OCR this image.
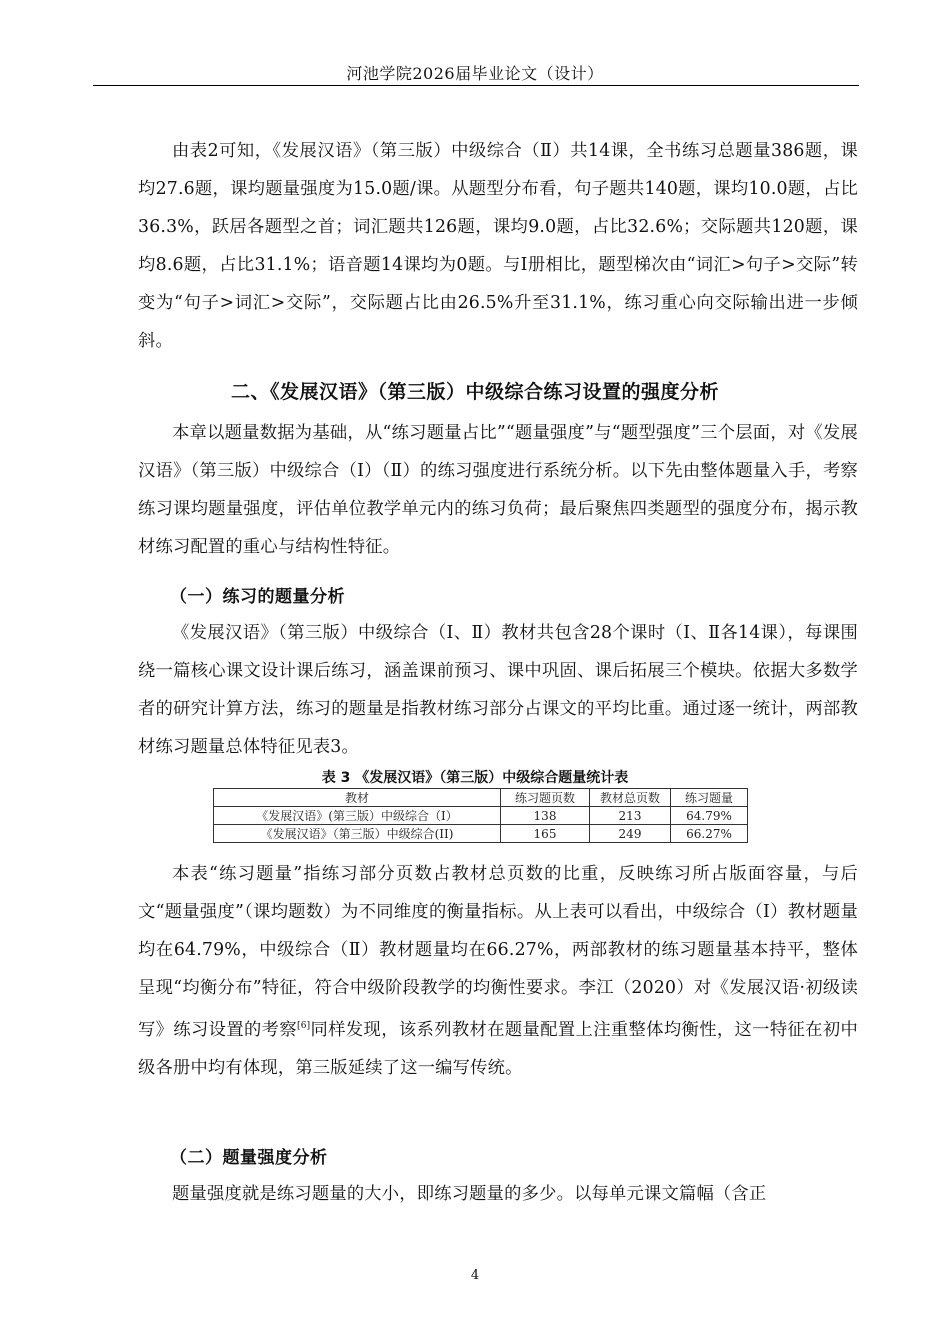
河池学院2026届毕业论文（设计）

由表2可知，《发展汉语》（第三版）中级综合（Ⅱ）共14课，全书练习总题量386题，课均27.6题，课均题量强度为15.0题/课。从题型分布看，句子题共140题，课均10.0题，占比36.3%，跃居各题型之首；词汇题共126题，课均9.0题，占比32.6%；交际题共120题，课均8.6题，占比31.1%；语音题14课均为0题。与Ⅰ册相比，题型梯次由“词汇>句子>交际”转变为“句子>词汇>交际”，交际题占比由26.5%升至31.1%，练习重心向交际输出进一步倾斜。

二、《发展汉语》（第三版）中级综合练习设置的强度分析

本章以题量数据为基础，从“练习题量占比”“题量强度”与“题型强度”三个层面，对《发展汉语》（第三版）中级综合（Ⅰ）（Ⅱ）的练习强度进行系统分析。以下先由整体题量入手，考察练习课均题量强度，评估单位教学单元内的练习负荷；最后聚焦四类题型的强度分布，揭示教材练习配置的重心与结构性特征。

（一）练习的题量分析

《发展汉语》（第三版）中级综合（Ⅰ、Ⅱ）教材共包含28个课时（Ⅰ、Ⅱ各14课），每课围绕一篇核心课文设计课后练习，涵盖课前预习、课中巩固、课后拓展三个模块。依据大多数学者的研究计算方法，练习的题量是指教材练习部分占课文的平均比重。通过逐一统计，两部教材练习题量总体特征见表3。

表 3 《发展汉语》（第三版）中级综合题量统计表
教材	练习题页数	教材总页数	练习题量
《发展汉语》(第三版）中级综合（I）	138	213	64.79%
《发展汉语》（第三版）中级综合(II)	165	249	66.27%

本表“练习题量”指练习部分页数占教材总页数的比重，反映练习所占版面容量，与后文“题量强度”（课均题数）为不同维度的衡量指标。从上表可以看出，中级综合（Ⅰ）教材题量均在64.79%，中级综合（Ⅱ）教材题量均在66.27%，两部教材的练习题量基本持平，整体呈现“均衡分布”特征，符合中级阶段教学的均衡性要求。李江（2020）对《发展汉语·初级读写》练习设置的考察[6]同样发现，该系列教材在题量配置上注重整体均衡性，这一特征在初中级各册中均有体现，第三版延续了这一编写传统。

（二）题量强度分析

题量强度就是练习题量的大小，即练习题量的多少。以每单元课文篇幅（含正

4
